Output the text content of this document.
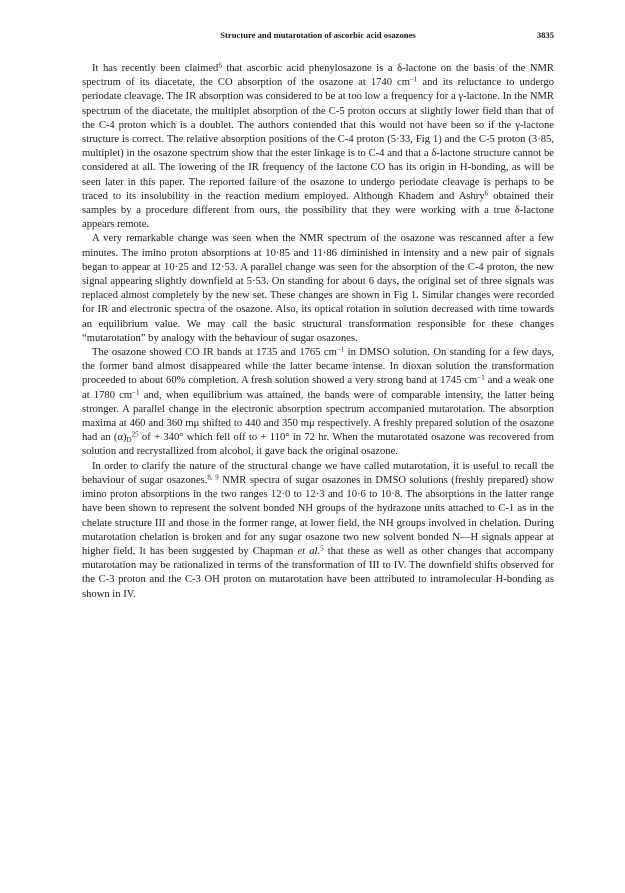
Structure and mutarotation of ascorbic acid osazones	3835

It has recently been claimed$^6$ that ascorbic acid phenylosazone is a δ-lactone on the basis of the NMR spectrum of its diacetate, the CO absorption of the osazone at 1740 $cm^{-1}$ and its reluctance to undergo periodate cleavage. The IR absorption was considered to be at too low a frequency for a γ-lactone. In the NMR spectrum of the diacetate, the multiplet absorption of the C-5 proton occurs at slightly lower field than that of the C-4 proton which is a doublet. The authors contended that this would not have been so if the γ-lactone structure is correct. The relative absorption positions of the C-4 proton (5·33, Fig 1) and the C-5 proton (3·85, multiplet) in the osazone spectrum show that the ester linkage is to C-4 and that a δ-lactone structure cannot be considered at all. The lowering of the IR frequency of the lactone CO has its origin in H-bonding, as will be seen later in this paper. The reported failure of the osazone to undergo periodate cleavage is perhaps to be traced to its insolubility in the reaction medium employed. Although Khadem and Ashry$^6$ obtained their samples by a procedure different from ours, the possibility that they were working with a true δ-lactone appears remote.

A very remarkable change was seen when the NMR spectrum of the osazone was rescanned after a few minutes. The imino proton absorptions at 10·85 and 11·86 diminished in intensity and a new pair of signals began to appear at 10·25 and 12·53. A parallel change was seen for the absorption of the C-4 proton, the new signal appearing slightly downfield at 5·53. On standing for about 6 days, the original set of three signals was replaced almost completely by the new set. These changes are shown in Fig 1. Similar changes were recorded for IR and electronic spectra of the osazone. Also, its optical rotation in solution decreased with time towards an equilibrium value. We may call the basic structural transformation responsible for these changes “mutarotation” by analogy with the behaviour of sugar osazones.

The osazone showed CO IR bands at 1735 and 1765 $cm^{-1}$ in DMSO solution. On standing for a few days, the former band almost disappeared while the latter became intense. In dioxan solution the transformation proceeded to about 60% completion. A fresh solution showed a very strong band at 1745 $cm^{-1}$ and a weak one at 1780 $cm^{-1}$ and, when equilibrium was attained, the bands were of comparable intensity, the latter being stronger. A parallel change in the electronic absorption spectrum accompanied mutarotation. The absorption maxima at 460 and 360 mμ shifted to 440 and 350 mμ respectively. A freshly prepared solution of the osazone had an $(\alpha)_D^{25}$ of + 340° which fell off to + 110° in 72 hr. When the mutarotated osazone was recovered from solution and recrystallized from alcohol, it gave back the original osazone.

In order to clarify the nature of the structural change we have called mutarotation, it is useful to recall the behaviour of sugar osazones.$^{8, 9}$ NMR spectra of sugar osazones in DMSO solutions (freshly prepared) show imino proton absorptions in the two ranges 12·0 to 12·3 and 10·6 to 10·8. The absorptions in the latter range have been shown to represent the solvent bonded NH groups of the hydrazone units attached to C-1 as in the chelate structure III and those in the former range, at lower field, the NH groups involved in chelation. During mutarotation chelation is broken and for any sugar osazone two new solvent bonded N—H signals appear at higher field. It has been suggested by Chapman et al.$^5$ that these as well as other changes that accompany mutarotation may be rationalized in terms of the transformation of III to IV. The downfield shifts observed for the C-3 proton and the C-3 OH proton on mutarotation have been attributed to intramolecular H-bonding as shown in IV.
